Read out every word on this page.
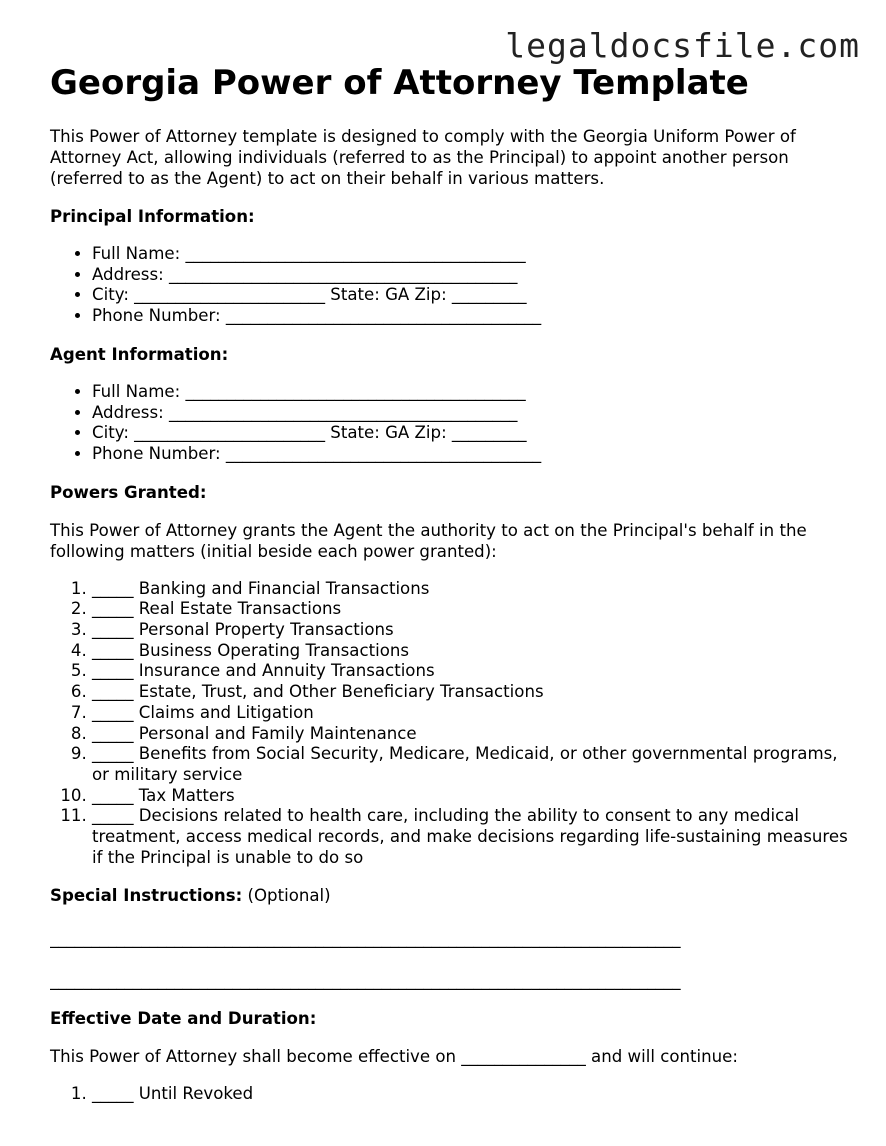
legaldocsfile.com
Georgia Power of Attorney Template

This Power of Attorney template is designed to comply with the Georgia Uniform Power of Attorney Act, allowing individuals (referred to as the Principal) to appoint another person (referred to as the Agent) to act on their behalf in various matters.

Principal Information:
• Full Name: _________________________________________
• Address: __________________________________________
• City: _______________________ State: GA Zip: _________
• Phone Number: ______________________________________
Agent Information:
• Full Name: _________________________________________
• Address: __________________________________________
• City: _______________________ State: GA Zip: _________
• Phone Number: ______________________________________
Powers Granted:

This Power of Attorney grants the Agent the authority to act on the Principal's behalf in the following matters (initial beside each power granted):

1. _____ Banking and Financial Transactions
2. _____ Real Estate Transactions
3. _____ Personal Property Transactions
4. _____ Business Operating Transactions
5. _____ Insurance and Annuity Transactions
6. _____ Estate, Trust, and Other Beneficiary Transactions
7. _____ Claims and Litigation
8. _____ Personal and Family Maintenance
9. _____ Benefits from Social Security, Medicare, Medicaid, or other governmental programs, or military service
10. _____ Tax Matters
11. _____ Decisions related to health care, including the ability to consent to any medical treatment, access medical records, and make decisions regarding life-sustaining measures if the Principal is unable to do so

Special Instructions: (Optional)

____________________________________________________________________________
____________________________________________________________________________
Effective Date and Duration:

This Power of Attorney shall become effective on _______________ and will continue:

1. _____ Until Revoked
